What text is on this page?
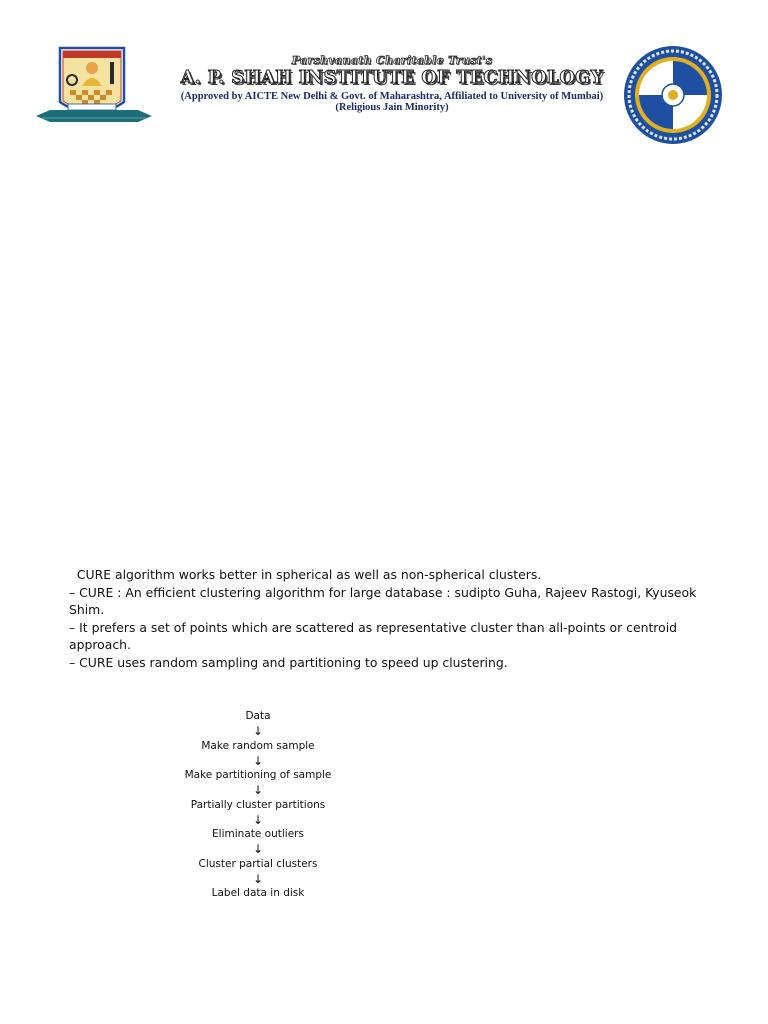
Parshvanath Charitable Trust's
A. P. SHAH INSTITUTE OF TECHNOLOGY
(Approved by AICTE New Delhi & Govt. of Maharashtra, Affiliated to University of Mumbai)
(Religious Jain Minority)

CURE algorithm works better in spherical as well as non-spherical clusters.

– CURE : An efficient clustering algorithm for large database : sudipto Guha, Rajeev Rastogi, Kyuseok Shim.

– It prefers a set of points which are scattered as representative cluster than all-points or centroid approach.

– CURE uses random sampling and partitioning to speed up clustering.

Data
↓
Make random sample
↓
Make partitioning of sample
↓
Partially cluster partitions
↓
Eliminate outliers
↓
Cluster partial clusters
↓
Label data in disk
